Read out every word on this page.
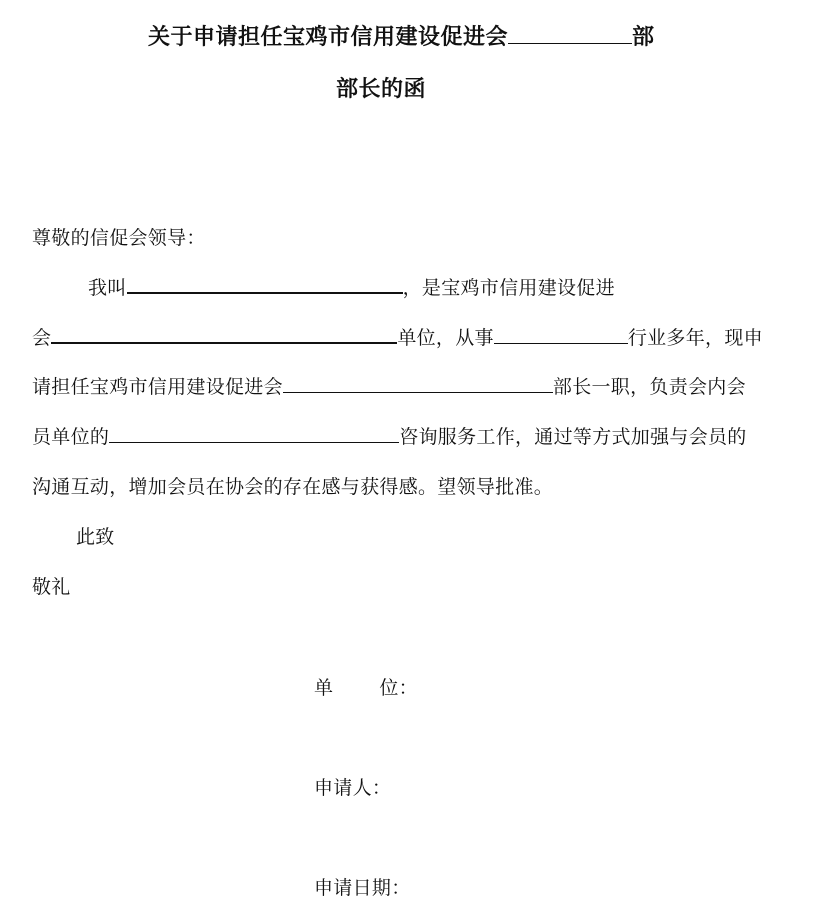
关于申请担任宝鸡市信用建设促进会	部
部长的函
尊敬的信促会领导：
我叫	，是宝鸡市信用建设促进
会	单位，从事	行业多年，现申
请担任宝鸡市信用建设促进会	部长一职，负责会内会
员单位的	咨询服务工作，通过等方式加强与会员的
沟通互动，增加会员在协会的存在感与获得感。望领导批准。
此致
敬礼
单 位：
申请人：
申请日期：
